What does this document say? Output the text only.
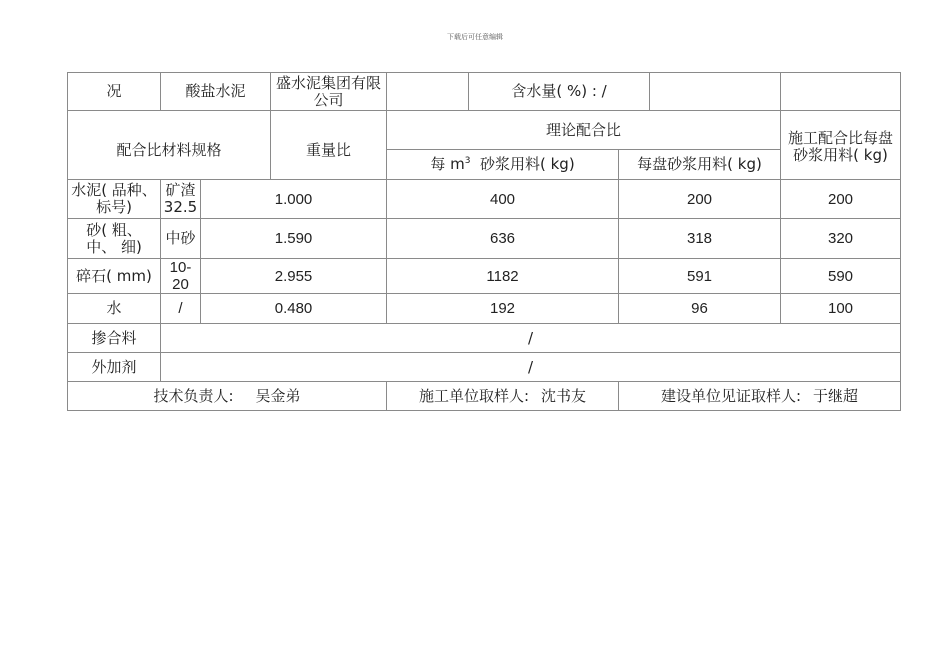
下载后可任意编辑
况	酸盐水泥		盛水泥集团有限公司		含水量( %) : /			
配合比材料规格			重量比	理论配合比				施工配合比每盘砂浆用料( kg)
				每 $m^3$ 砂浆用料( kg)		每盘砂浆用料( kg)		
水泥( 品种、 标号)	矿渣32.5	1.000		400		200		200
砂( 粗、 中、 细)	中砂	1.590		636		318		320
碎石( mm)	10-20	2.955		1182		591		590
水	/	0.480		192		96		100
掺合料	/							
外加剂	/							
技术负责人: 吴金弟				施工单位取样人: 沈书友		建设单位见证取样人: 于继超		
